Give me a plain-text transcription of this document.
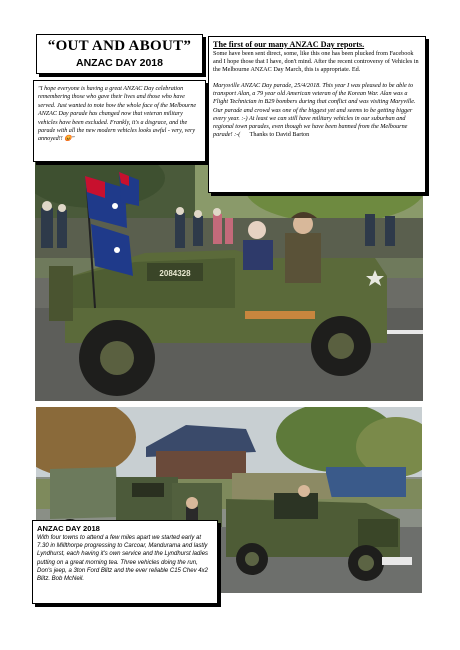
“OUT AND ABOUT”
ANZAC DAY 2018
2084328

"I hope everyone is having a great ANZAC Day celebration remembering those who gave their lives and those who have served. Just wanted to note how the whole face of the Melbourne ANZAC Day parade has changed now that veteran military vehicles have been excluded. Frankly, it's a disgrace, and the parade with all the new modern vehicles looks awful - very, very annoyed!! 😡"

The first of our many ANZAC Day reports.

Some have been sent direct, some, like this one has been plucked from Facebook and I hope those that I have, don't mind. After the recent controversy of Vehicles in the Melbourne ANZAC Day March, this is appropriate. Ed.

Marysville ANZAC Day parade, 25/4/2018. This year I was pleased to be able to transport Alan, a 79 year old American veteran of the Korean War. Alan was a Flight Technician in B29 bombers during that conflict and was visiting Maryville. Our parade and crowd was one of the biggest yet and seems to be getting bigger every year. :-) At least we can still have military vehicles in our suburban and regional town parades, even though we have been banned from the Melbourne parade! :-( Thanks to David Barton

ANZAC DAY 2018

With four towns to attend a few miles apart we started early at 7.30 in Millthorpe progressing to Carcoar, Mandurama and lastly Lyndhurst, each having it's own service and the Lyndhurst ladies putting on a great morning tea. Three vehicles doing the run, Don's jeep, a 3ton Ford Blitz and the ever reliable C15 Chev 4x2 Blitz. Bob McNeil.
